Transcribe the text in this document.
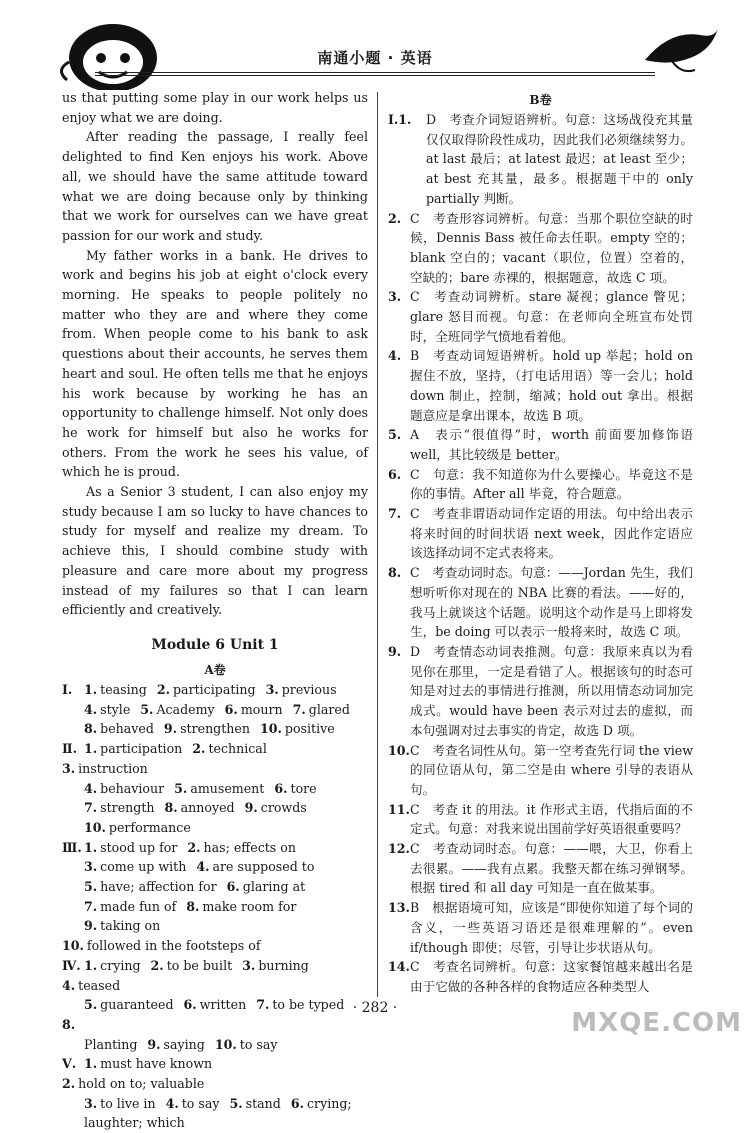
南通小题 · 英语

us that putting some play in our work helps us enjoy what we are doing.

After reading the passage, I really feel delighted to find Ken enjoys his work. Above all, we should have the same attitude toward what we are doing because only by thinking that we work for ourselves can we have great passion for our work and study.

My father works in a bank. He drives to work and begins his job at eight o'clock every morning. He speaks to people politely no matter who they are and where they come from. When people come to his bank to ask questions about their accounts, he serves them heart and soul. He often tells me that he enjoys his work because by working he has an opportunity to challenge himself. Not only does he work for himself but also he works for others. From the work he sees his value, of which he is proud.

As a Senior 3 student, I can also enjoy my study because I am so lucky to have chances to study for myself and realize my dream. To achieve this, I should combine study with pleasure and care more about my progress instead of my failures so that I can learn efficiently and creatively.

Module 6 Unit 1
A卷
Ⅰ. 1. teasing 2. participating 3. previous
4. style 5. Academy 6. mourn 7. glared
8. behaved 9. strengthen 10. positive
Ⅱ. 1. participation 2. technical
3. instruction
4. behaviour 5. amusement 6. tore
7. strength 8. annoyed 9. crowds
10. performance
Ⅲ. 1. stood up for 2. has; effects on
3. come up with 4. are supposed to
5. have; affection for 6. glaring at
7. made fun of 8. make room for
9. taking on
10. followed in the footsteps of
Ⅳ. 1. crying 2. to be built 3. burning
4. teased
5. guaranteed 6. written 7. to be typed
8.
Planting 9. saying 10. to say
Ⅴ. 1. must have known
2. hold on to; valuable
3. to live in 4. to say 5. stand 6. crying;
laughter; which
B卷
Ⅰ.1.	D　考查介词短语辨析。句意：这场战役充其量仅仅取得阶段性成功，因此我们必须继续努力。at last 最后；at latest 最迟；at least 至少；at best 充其量，最多。根据题干中的 only partially 判断。
2. C　考查形容词辨析。句意：当那个职位空缺的时候，Dennis Bass 被任命去任职。empty 空的；blank 空白的；vacant（职位，位置）空着的，空缺的；bare 赤裸的，根据题意，故选 C 项。
3. C　考查动词辨析。stare 凝视；glance 瞥见；glare 怒目而视。句意：在老师向全班宣布处罚时，全班同学气愤地看着他。
4. B　考查动词短语辨析。hold up 举起；hold on 握住不放，坚持，（打电话用语）等一会儿；hold down 制止，控制，缩减；hold out 拿出。根据题意应是拿出课本，故选 B 项。
5. A　表示“很值得”时，worth 前面要加修饰语 well，其比较级是 better。
6. C　句意：我不知道你为什么要操心。毕竟这不是你的事情。After all 毕竟，符合题意。
7. C　考查非谓语动词作定语的用法。句中给出表示将来时间的时间状语 next week，因此作定语应该选择动词不定式表将来。
8. C　考查动词时态。句意：——Jordan 先生，我们想听听你对现在的 NBA 比赛的看法。——好的，我马上就谈这个话题。说明这个动作是马上即将发生，be doing 可以表示一般将来时，故选 C 项。
9. D　考查情态动词表推测。句意：我原来真以为看见你在那里，一定是看错了人。根据该句的时态可知是对过去的事情进行推测，所以用情态动词加完成式。would have been 表示对过去的虚拟，而本句强调对过去事实的肯定，故选 D 项。
10. C　考查名词性从句。第一空考查先行词 the view 的同位语从句，第二空是由 where 引导的表语从句。
11. C　考查 it 的用法。it 作形式主语，代指后面的不定式。句意：对我来说出国前学好英语很重要吗？
12. C　考查动词时态。句意：——喂，大卫，你看上去很累。——我有点累。我整天都在练习弹钢琴。根据 tired 和 all day 可知是一直在做某事。
13. B　根据语境可知，应该是“即使你知道了每个词的含义，一些英语习语还是很难理解的”。even if/though 即使；尽管，引导让步状语从句。
14. C　考查名词辨析。句意：这家餐馆越来越出名是由于它做的各种各样的食物适应各种类型人
· 282 ·	MXQE.COM
